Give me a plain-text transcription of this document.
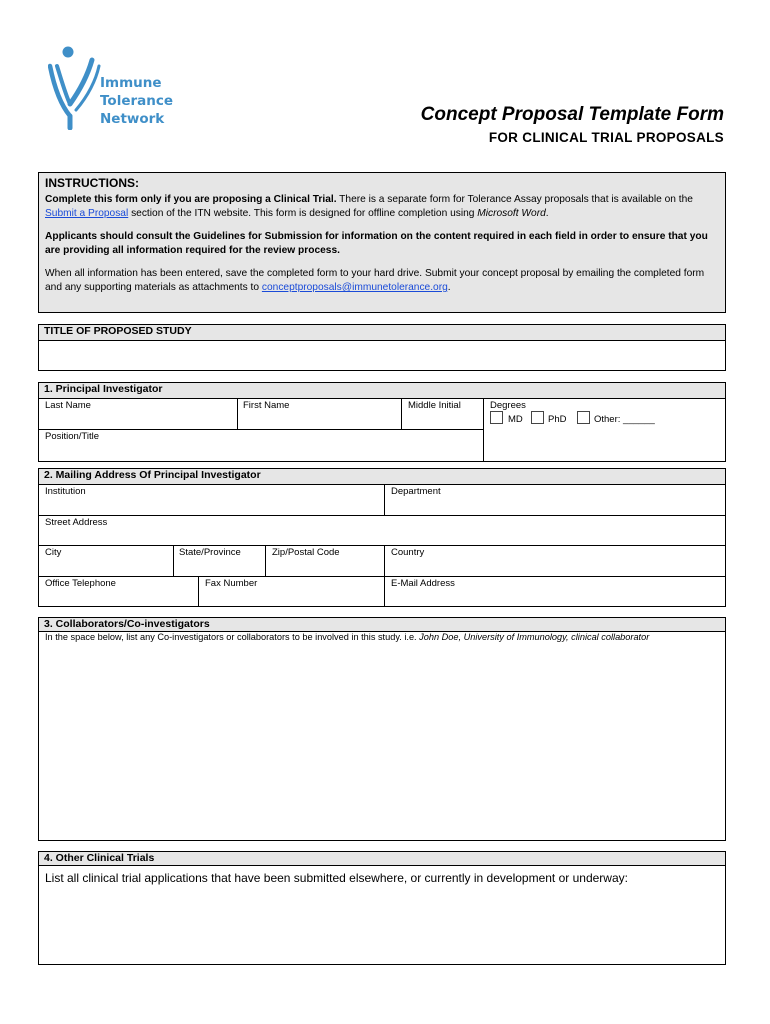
Immune
Tolerance
Network	Concept Proposal Template Form
FOR CLINICAL TRIAL PROPOSALS
INSTRUCTIONS:

Complete this form only if you are proposing a Clinical Trial. There is a separate form for Tolerance Assay proposals that is available on the Submit a Proposal section of the ITN website. This form is designed for offline completion using Microsoft Word.

Applicants should consult the Guidelines for Submission for information on the content required in each field in order to ensure that you are providing all information required for the review process.

When all information has been entered, save the completed form to your hard drive. Submit your concept proposal by emailing the completed form and any supporting materials as attachments to conceptproposals@immunetolerance.org.

TITLE OF PROPOSED STUDY
1. Principal Investigator
Last Name	First Name	Middle Initial	Degrees
MD	PhD	Other: ______
Position/Title
2. Mailing Address Of Principal Investigator
Institution	Department
Street Address
City	State/Province	Zip/Postal Code	Country
Office Telephone	Fax Number	E-Mail Address
3. Collaborators/Co-investigators
In the space below, list any Co-investigators or collaborators to be involved in this study. i.e. John Doe, University of Immunology, clinical collaborator
4. Other Clinical Trials
List all clinical trial applications that have been submitted elsewhere, or currently in development or underway:
